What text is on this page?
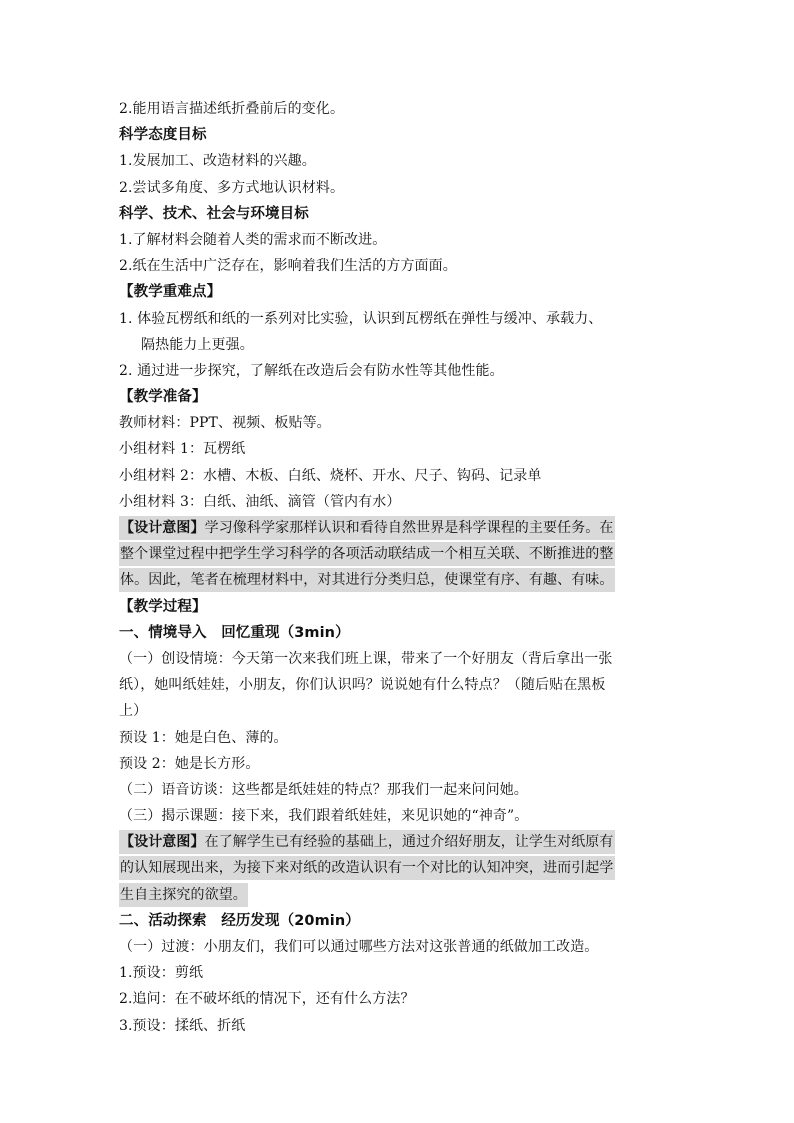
2.能用语言描述纸折叠前后的变化。
科学态度目标
1.发展加工、改造材料的兴趣。
2.尝试多角度、多方式地认识材料。
科学、技术、社会与环境目标
1.了解材料会随着人类的需求而不断改进。
2.纸在生活中广泛存在，影响着我们生活的方方面面。
【教学重难点】
1. 体验瓦楞纸和纸的一系列对比实验，认识到瓦楞纸在弹性与缓冲、承载力、
隔热能力上更强。
2. 通过进一步探究，了解纸在改造后会有防水性等其他性能。
【教学准备】
教师材料：PPT、视频、板贴等。
小组材料 1：瓦楞纸
小组材料 2：水槽、木板、白纸、烧杯、开水、尺子、钩码、记录单
小组材料 3：白纸、油纸、滴管（管内有水）
【设计意图】学习像科学家那样认识和看待自然世界是科学课程的主要任务。在
整个课堂过程中把学生学习科学的各项活动联结成一个相互关联、不断推进的整
体。因此，笔者在梳理材料中，对其进行分类归总，使课堂有序、有趣、有味。
【教学过程】
一、情境导入　回忆重现（3min）
（一）创设情境：今天第一次来我们班上课，带来了一个好朋友（背后拿出一张
纸），她叫纸娃娃，小朋友，你们认识吗？说说她有什么特点？（随后贴在黑板
上）
预设 1：她是白色、薄的。
预设 2：她是长方形。
（二）语音访谈：这些都是纸娃娃的特点？那我们一起来问问她。
（三）揭示课题：接下来，我们跟着纸娃娃，来见识她的“神奇”。
【设计意图】在了解学生已有经验的基础上，通过介绍好朋友，让学生对纸原有
的认知展现出来，为接下来对纸的改造认识有一个对比的认知冲突，进而引起学
生自主探究的欲望。
二、活动探索　经历发现（20min）
（一）过渡：小朋友们，我们可以通过哪些方法对这张普通的纸做加工改造。
1.预设：剪纸
2.追问：在不破坏纸的情况下，还有什么方法？
3.预设：揉纸、折纸
